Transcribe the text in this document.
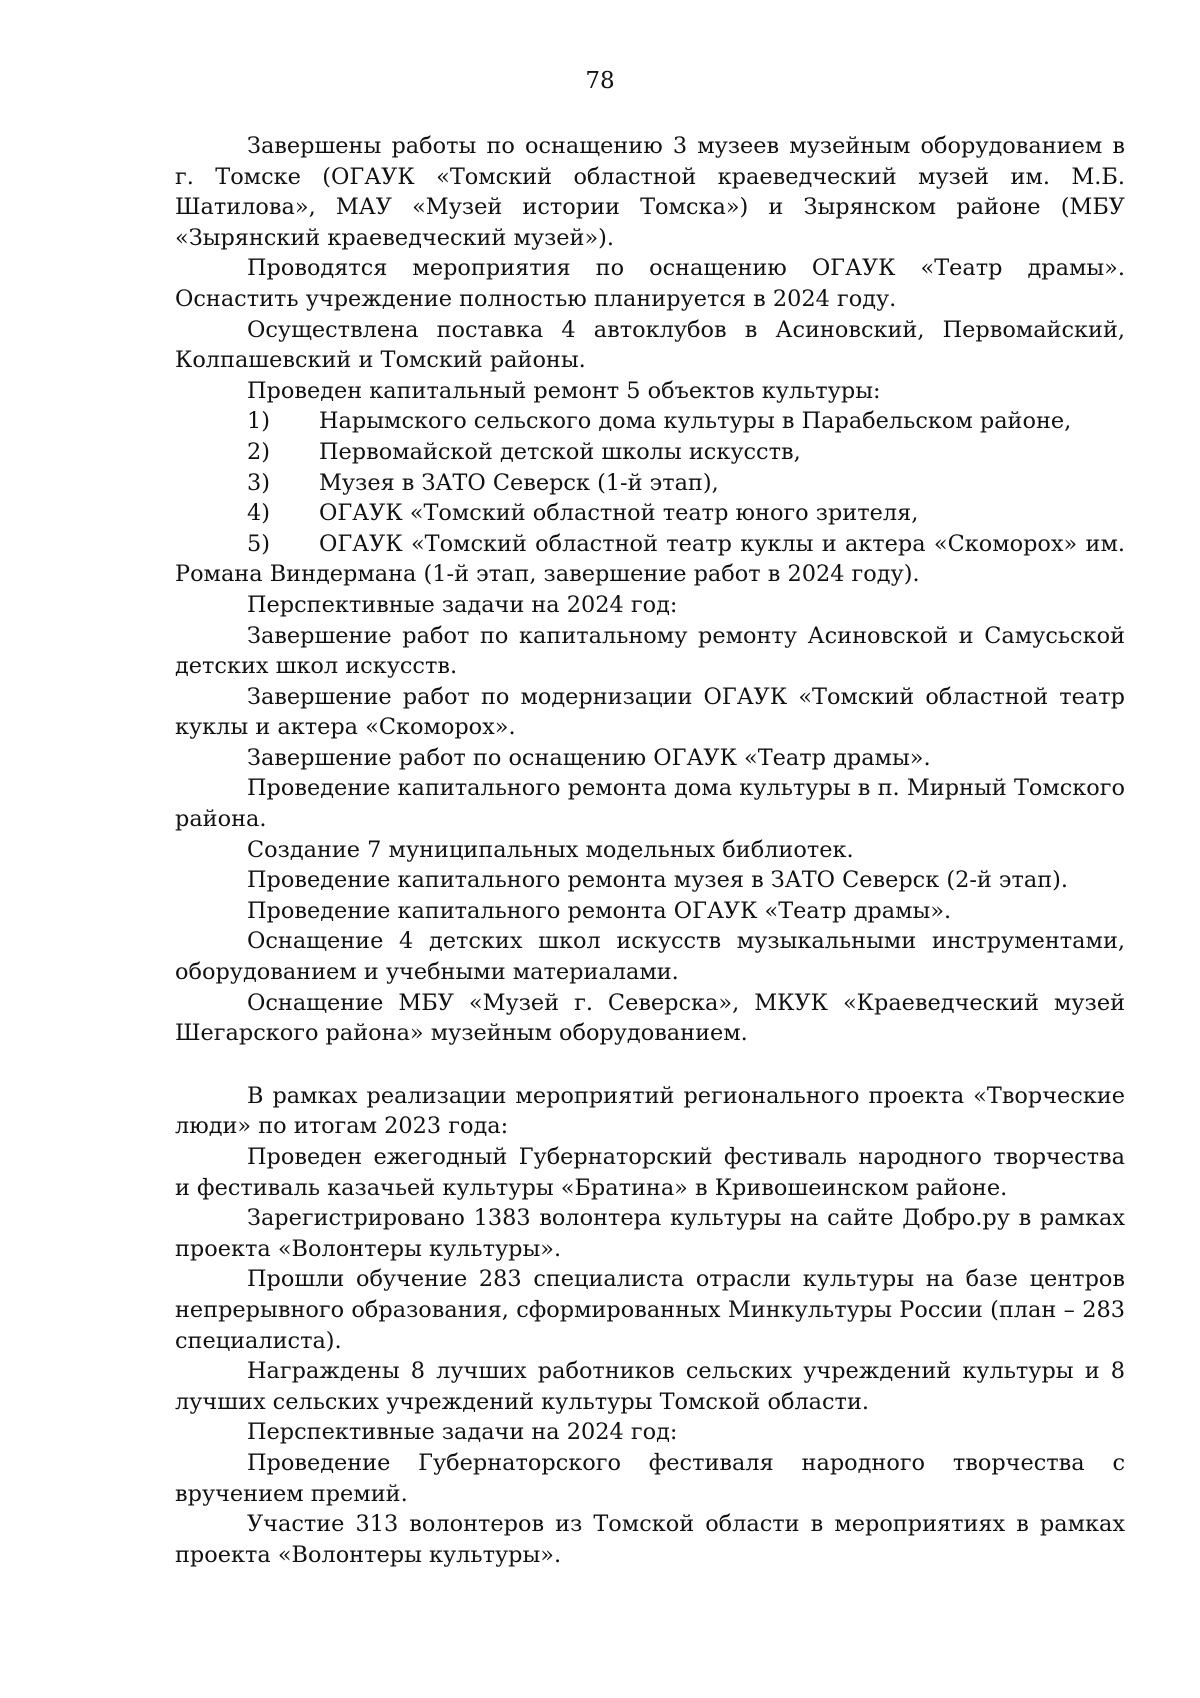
78

Завершены работы по оснащению 3 музеев музейным оборудованием в г. Томске (ОГАУК «Томский областной краеведческий музей им. М.Б. Шатилова», МАУ «Музей истории Томска») и Зырянском районе (МБУ «Зырянский краеведческий музей»).

Проводятся мероприятия по оснащению ОГАУК «Театр драмы». Оснастить учреждение полностью планируется в 2024 году.

Осуществлена поставка 4 автоклубов в Асиновский, Первомайский, Колпашевский и Томский районы.

Проведен капитальный ремонт 5 объектов культуры:

1) Нарымского сельского дома культуры в Парабельском районе,

2) Первомайской детской школы искусств,

3) Музея в ЗАТО Северск (1-й этап),

4) ОГАУК «Томский областной театр юного зрителя,

5) ОГАУК «Томский областной театр куклы и актера «Скоморох» им. Романа Виндермана (1-й этап, завершение работ в 2024 году).

Перспективные задачи на 2024 год:

Завершение работ по капитальному ремонту Асиновской и Самусьской детских школ искусств.

Завершение работ по модернизации ОГАУК «Томский областной театр куклы и актера «Скоморох».

Завершение работ по оснащению ОГАУК «Театр драмы».

Проведение капитального ремонта дома культуры в п. Мирный Томского района.

Создание 7 муниципальных модельных библиотек.

Проведение капитального ремонта музея в ЗАТО Северск (2-й этап).

Проведение капитального ремонта ОГАУК «Театр драмы».

Оснащение 4 детских школ искусств музыкальными инструментами, оборудованием и учебными материалами.

Оснащение МБУ «Музей г. Северска», МКУК «Краеведческий музей Шегарского района» музейным оборудованием.

В рамках реализации мероприятий регионального проекта «Творческие люди» по итогам 2023 года:

Проведен ежегодный Губернаторский фестиваль народного творчества и фестиваль казачьей культуры «Братина» в Кривошеинском районе.

Зарегистрировано 1383 волонтера культуры на сайте Добро.ру в рамках проекта «Волонтеры культуры».

Прошли обучение 283 специалиста отрасли культуры на базе центров непрерывного образования, сформированных Минкультуры России (план – 283 специалиста).

Награждены 8 лучших работников сельских учреждений культуры и 8 лучших сельских учреждений культуры Томской области.

Перспективные задачи на 2024 год:

Проведение Губернаторского фестиваля народного творчества с вручением премий.

Участие 313 волонтеров из Томской области в мероприятиях в рамках проекта «Волонтеры культуры».
